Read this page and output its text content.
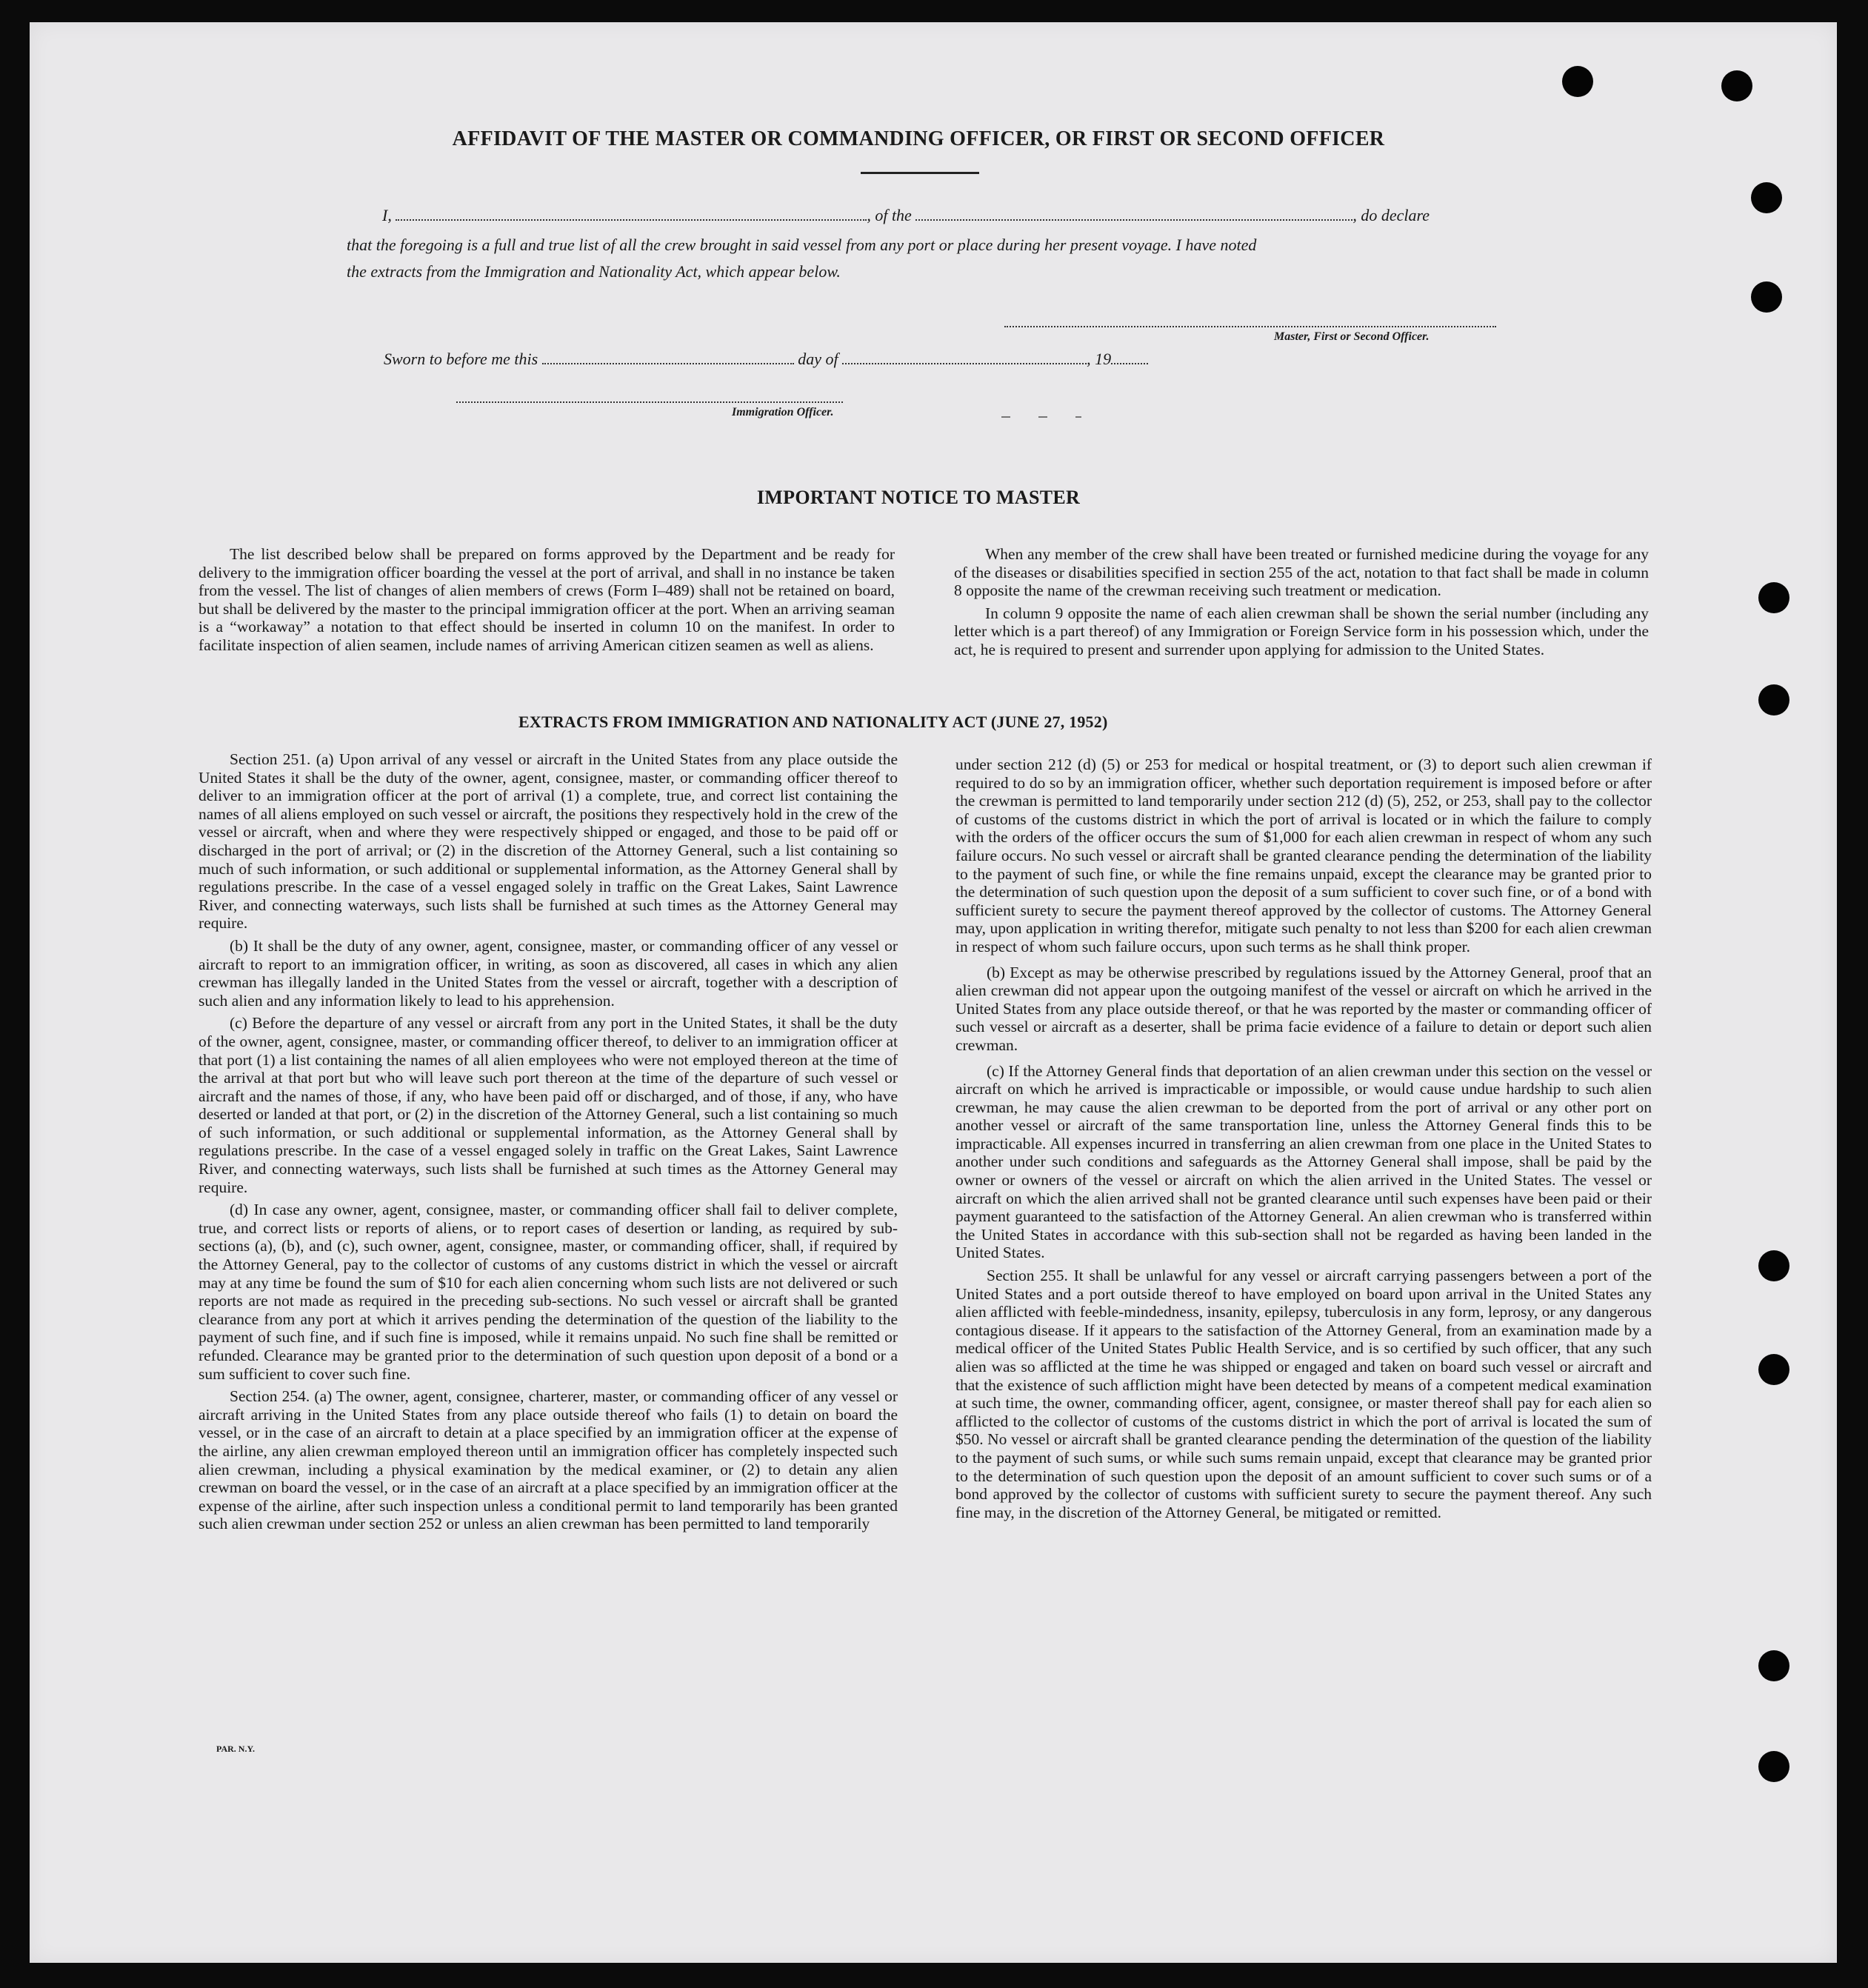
AFFIDAVIT OF THE MASTER OR COMMANDING OFFICER, OR FIRST OR SECOND OFFICER
I,	, of the	, do declare
that the foregoing is a full and true list of all the crew brought in said vessel from any port or place during her present voyage. I have noted
the extracts from the Immigration and Nationality Act, which appear below.
Master, First or Second Officer.
Sworn to before me this	day of	, 19
Immigration Officer.
IMPORTANT NOTICE TO MASTER

The list described below shall be prepared on forms approved by the Department and be ready for delivery to the immigration officer boarding the vessel at the port of arrival, and shall in no instance be taken from the vessel. The list of changes of alien members of crews (Form I–489) shall not be retained on board, but shall be delivered by the master to the principal immigration officer at the port. When an arriving seaman is a “workaway” a notation to that effect should be inserted in column 10 on the manifest. In order to facilitate inspection of alien seamen, include names of arriving American citizen seamen as well as aliens.

When any member of the crew shall have been treated or furnished medicine during the voyage for any of the diseases or disabilities specified in section 255 of the act, notation to that fact shall be made in column 8 opposite the name of the crewman receiving such treatment or medication.

In column 9 opposite the name of each alien crewman shall be shown the serial number (including any letter which is a part thereof) of any Immigration or Foreign Service form in his possession which, under the act, he is required to present and surrender upon applying for admission to the United States.

EXTRACTS FROM IMMIGRATION AND NATIONALITY ACT (JUNE 27, 1952)

Section 251. (a) Upon arrival of any vessel or aircraft in the United States from any place outside the United States it shall be the duty of the owner, agent, consignee, master, or commanding officer thereof to deliver to an immigration officer at the port of arrival (1) a complete, true, and correct list containing the names of all aliens employed on such vessel or aircraft, the positions they respectively hold in the crew of the vessel or aircraft, when and where they were respectively shipped or engaged, and those to be paid off or discharged in the port of arrival; or (2) in the discretion of the Attorney General, such a list containing so much of such information, or such additional or supplemental information, as the Attorney General shall by regulations prescribe. In the case of a vessel engaged solely in traffic on the Great Lakes, Saint Lawrence River, and connecting waterways, such lists shall be furnished at such times as the Attorney General may require.

(b) It shall be the duty of any owner, agent, consignee, master, or commanding officer of any vessel or aircraft to report to an immigration officer, in writing, as soon as discovered, all cases in which any alien crewman has illegally landed in the United States from the vessel or aircraft, together with a description of such alien and any information likely to lead to his apprehension.

(c) Before the departure of any vessel or aircraft from any port in the United States, it shall be the duty of the owner, agent, consignee, master, or commanding officer thereof, to deliver to an immigration officer at that port (1) a list containing the names of all alien employees who were not employed thereon at the time of the arrival at that port but who will leave such port thereon at the time of the departure of such vessel or aircraft and the names of those, if any, who have been paid off or discharged, and of those, if any, who have deserted or landed at that port, or (2) in the discretion of the Attorney General, such a list containing so much of such information, or such additional or supplemental information, as the Attorney General shall by regulations prescribe. In the case of a vessel engaged solely in traffic on the Great Lakes, Saint Lawrence River, and connecting waterways, such lists shall be furnished at such times as the Attorney General may require.

(d) In case any owner, agent, consignee, master, or commanding officer shall fail to deliver complete, true, and correct lists or reports of aliens, or to report cases of desertion or landing, as required by sub-sections (a), (b), and (c), such owner, agent, consignee, master, or commanding officer, shall, if required by the Attorney General, pay to the collector of customs of any customs district in which the vessel or aircraft may at any time be found the sum of $10 for each alien concerning whom such lists are not delivered or such reports are not made as required in the preceding sub-sections. No such vessel or aircraft shall be granted clearance from any port at which it arrives pending the determination of the question of the liability to the payment of such fine, and if such fine is imposed, while it remains unpaid. No such fine shall be remitted or refunded. Clearance may be granted prior to the determination of such question upon deposit of a bond or a sum sufficient to cover such fine.

Section 254. (a) The owner, agent, consignee, charterer, master, or commanding officer of any vessel or aircraft arriving in the United States from any place outside thereof who fails (1) to detain on board the vessel, or in the case of an aircraft to detain at a place specified by an immigration officer at the expense of the airline, any alien crewman employed thereon until an immigration officer has completely inspected such alien crewman, including a physical examination by the medical examiner, or (2) to detain any alien crewman on board the vessel, or in the case of an aircraft at a place specified by an immigration officer at the expense of the airline, after such inspection unless a conditional permit to land temporarily has been granted such alien crewman under section 252 or unless an alien crewman has been permitted to land temporarily

under section 212 (d) (5) or 253 for medical or hospital treatment, or (3) to deport such alien crewman if required to do so by an immigration officer, whether such deportation requirement is imposed before or after the crewman is permitted to land temporarily under section 212 (d) (5), 252, or 253, shall pay to the collector of customs of the customs district in which the port of arrival is located or in which the failure to comply with the orders of the officer occurs the sum of $1,000 for each alien crewman in respect of whom any such failure occurs. No such vessel or aircraft shall be granted clearance pending the determination of the liability to the payment of such fine, or while the fine remains unpaid, except the clearance may be granted prior to the determination of such question upon the deposit of a sum sufficient to cover such fine, or of a bond with sufficient surety to secure the payment thereof approved by the collector of customs. The Attorney General may, upon application in writing therefor, mitigate such penalty to not less than $200 for each alien crewman in respect of whom such failure occurs, upon such terms as he shall think proper.

(b) Except as may be otherwise prescribed by regulations issued by the Attorney General, proof that an alien crewman did not appear upon the outgoing manifest of the vessel or aircraft on which he arrived in the United States from any place outside thereof, or that he was reported by the master or commanding officer of such vessel or aircraft as a deserter, shall be prima facie evidence of a failure to detain or deport such alien crewman.

(c) If the Attorney General finds that deportation of an alien crewman under this section on the vessel or aircraft on which he arrived is impracticable or impossible, or would cause undue hardship to such alien crewman, he may cause the alien crewman to be deported from the port of arrival or any other port on another vessel or aircraft of the same transportation line, unless the Attorney General finds this to be impracticable. All expenses incurred in transferring an alien crewman from one place in the United States to another under such conditions and safeguards as the Attorney General shall impose, shall be paid by the owner or owners of the vessel or aircraft on which the alien arrived in the United States. The vessel or aircraft on which the alien arrived shall not be granted clearance until such expenses have been paid or their payment guaranteed to the satisfaction of the Attorney General. An alien crewman who is transferred within the United States in accordance with this sub-section shall not be regarded as having been landed in the United States.

Section 255. It shall be unlawful for any vessel or aircraft carrying passengers between a port of the United States and a port outside thereof to have employed on board upon arrival in the United States any alien afflicted with feeble-mindedness, insanity, epilepsy, tuberculosis in any form, leprosy, or any dangerous contagious disease. If it appears to the satisfaction of the Attorney General, from an examination made by a medical officer of the United States Public Health Service, and is so certified by such officer, that any such alien was so afflicted at the time he was shipped or engaged and taken on board such vessel or aircraft and that the existence of such affliction might have been detected by means of a competent medical examination at such time, the owner, commanding officer, agent, consignee, or master thereof shall pay for each alien so afflicted to the collector of customs of the customs district in which the port of arrival is located the sum of $50. No vessel or aircraft shall be granted clearance pending the determination of the question of the liability to the payment of such sums, or while such sums remain unpaid, except that clearance may be granted prior to the determination of such question upon the deposit of an amount sufficient to cover such sums or of a bond approved by the collector of customs with sufficient surety to secure the payment thereof. Any such fine may, in the discretion of the Attorney General, be mitigated or remitted.

PAR. N.Y.
